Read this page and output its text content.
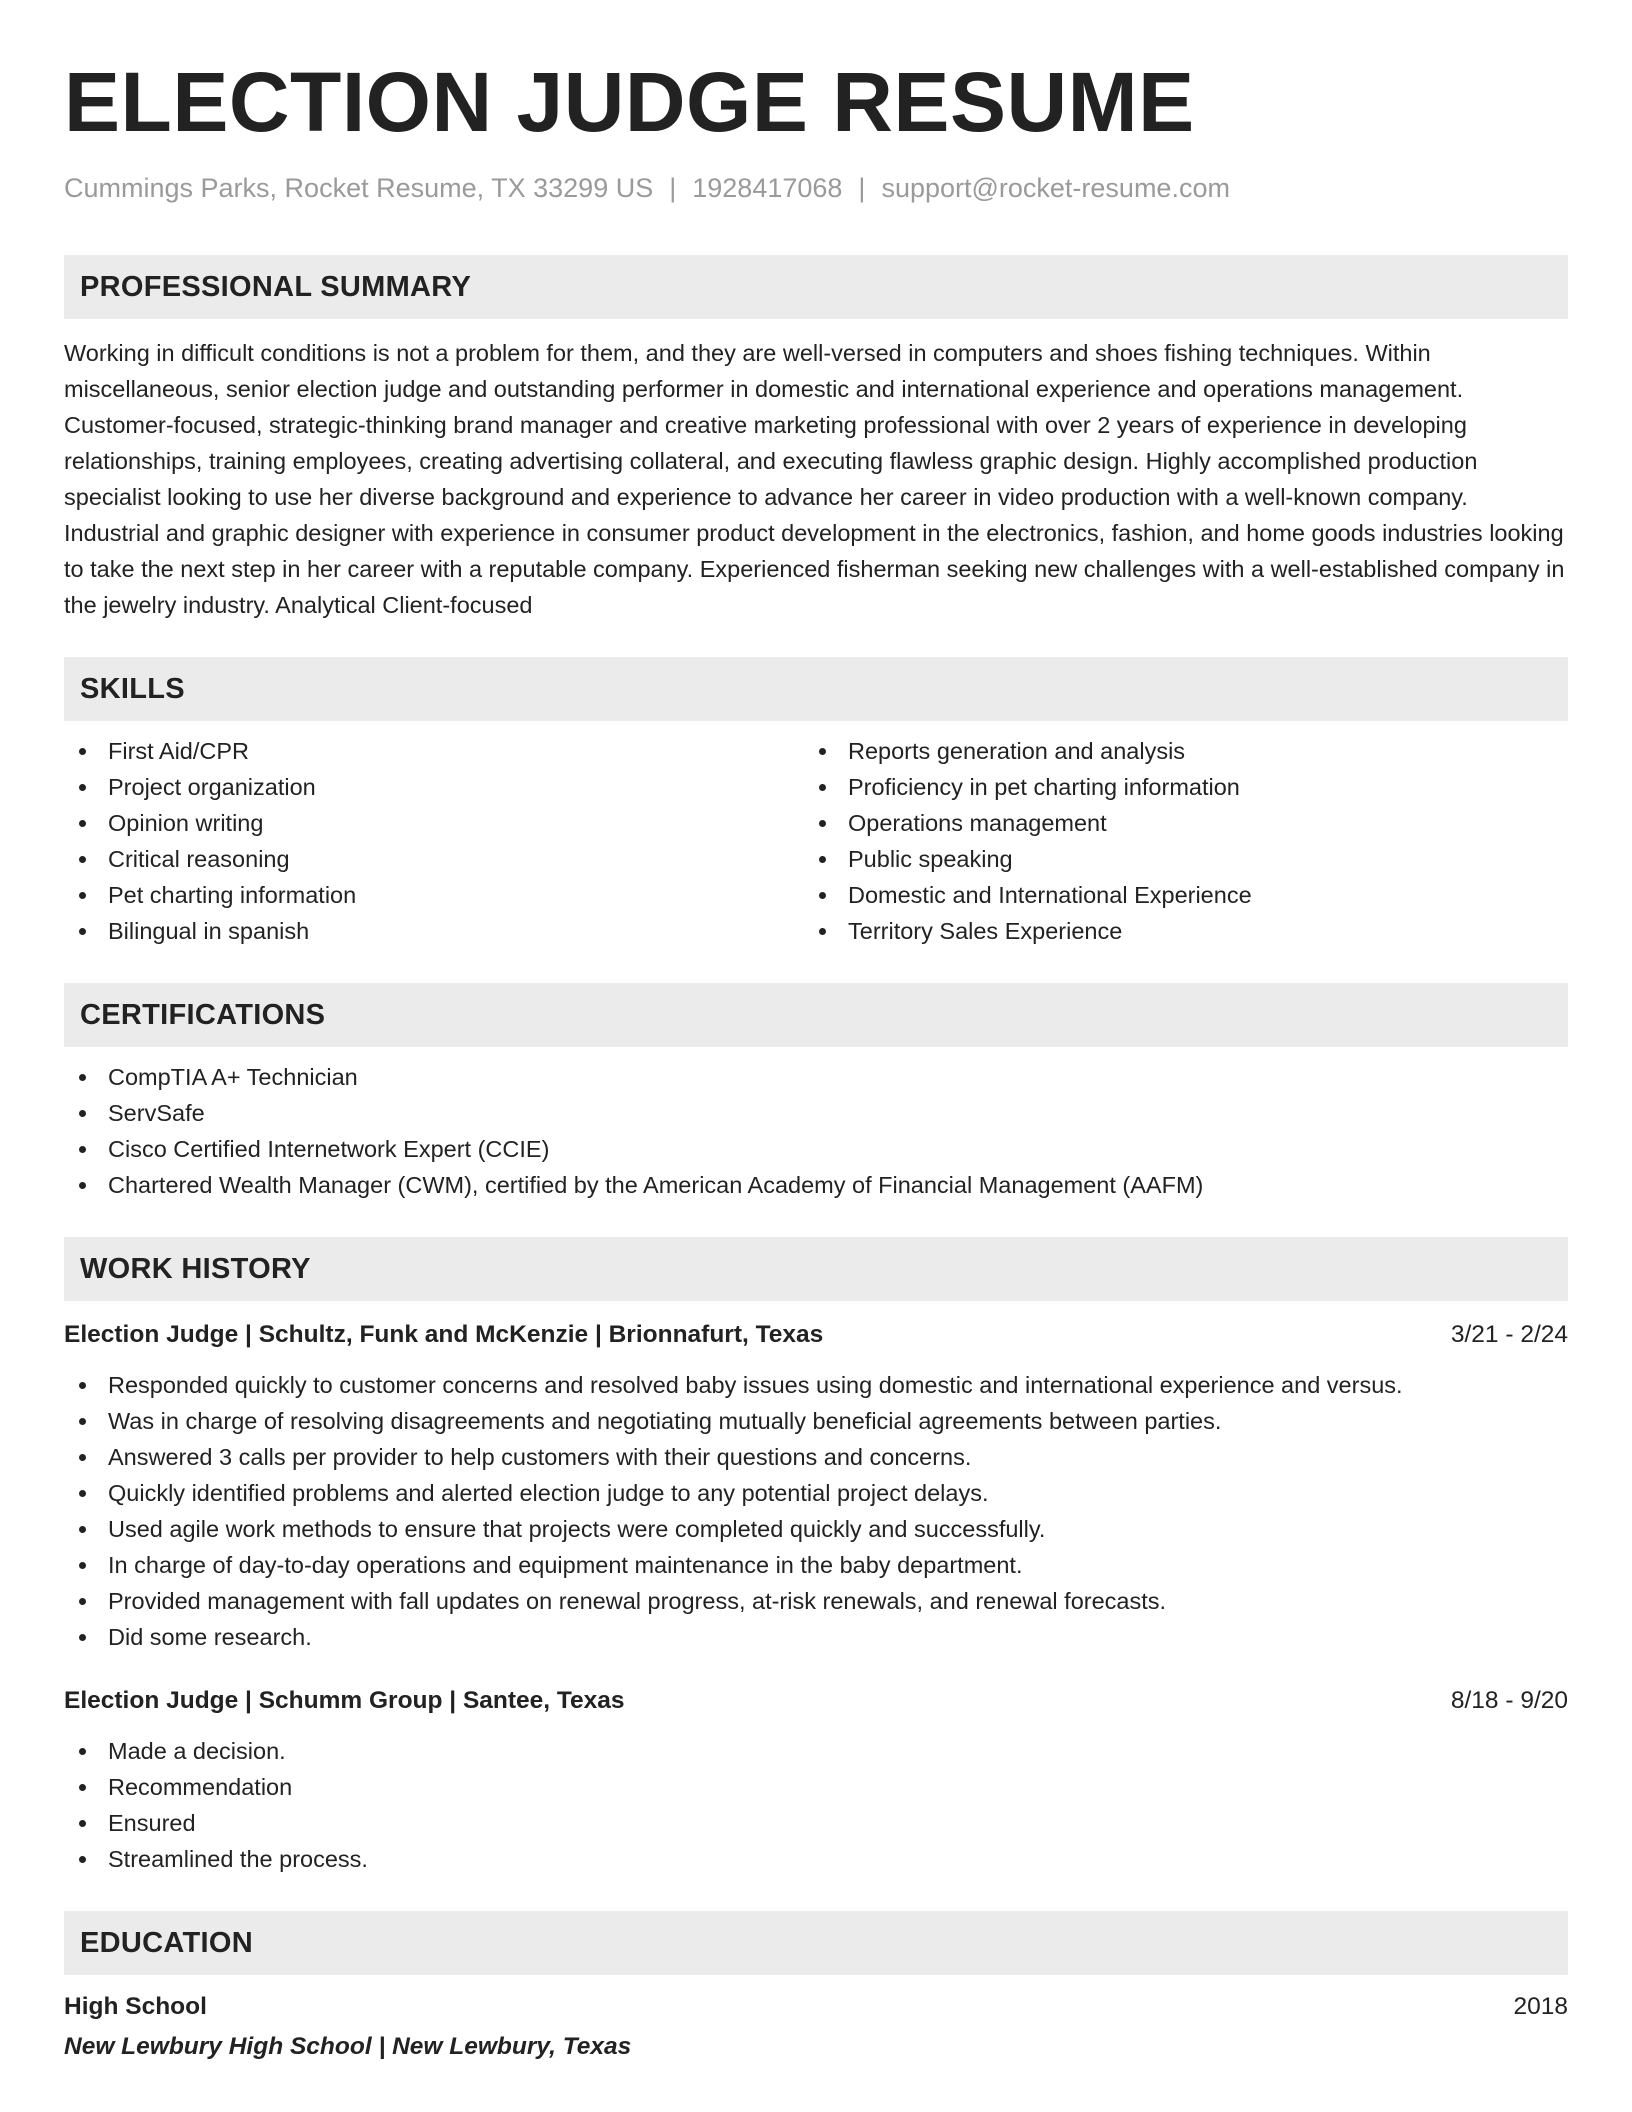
ELECTION JUDGE RESUME
Cummings Parks, Rocket Resume, TX 33299 US | 1928417068 | support@rocket-resume.com
PROFESSIONAL SUMMARY

Working in difficult conditions is not a problem for them, and they are well-versed in computers and shoes fishing techniques. Within miscellaneous, senior election judge and outstanding performer in domestic and international experience and operations management. Customer-focused, strategic-thinking brand manager and creative marketing professional with over 2 years of experience in developing relationships, training employees, creating advertising collateral, and executing flawless graphic design. Highly accomplished production specialist looking to use her diverse background and experience to advance her career in video production with a well-known company. Industrial and graphic designer with experience in consumer product development in the electronics, fashion, and home goods industries looking to take the next step in her career with a reputable company. Experienced fisherman seeking new challenges with a well-established company in the jewelry industry. Analytical Client-focused

SKILLS
First Aid/CPR
Project organization
Opinion writing
Critical reasoning
Pet charting information
Bilingual in spanish
Reports generation and analysis
Proficiency in pet charting information
Operations management
Public speaking
Domestic and International Experience
Territory Sales Experience
CERTIFICATIONS
CompTIA A+ Technician
ServSafe
Cisco Certified Internetwork Expert (CCIE)
Chartered Wealth Manager (CWM), certified by the American Academy of Financial Management (AAFM)
WORK HISTORY
Election Judge | Schultz, Funk and McKenzie | Brionnafurt, Texas	3/21 - 2/24
Responded quickly to customer concerns and resolved baby issues using domestic and international experience and versus.
Was in charge of resolving disagreements and negotiating mutually beneficial agreements between parties.
Answered 3 calls per provider to help customers with their questions and concerns.
Quickly identified problems and alerted election judge to any potential project delays.
Used agile work methods to ensure that projects were completed quickly and successfully.
In charge of day-to-day operations and equipment maintenance in the baby department.
Provided management with fall updates on renewal progress, at-risk renewals, and renewal forecasts.
Did some research.
Election Judge | Schumm Group | Santee, Texas	8/18 - 9/20
Made a decision.
Recommendation
Ensured
Streamlined the process.
EDUCATION
High School	2018
New Lewbury High School | New Lewbury, Texas
